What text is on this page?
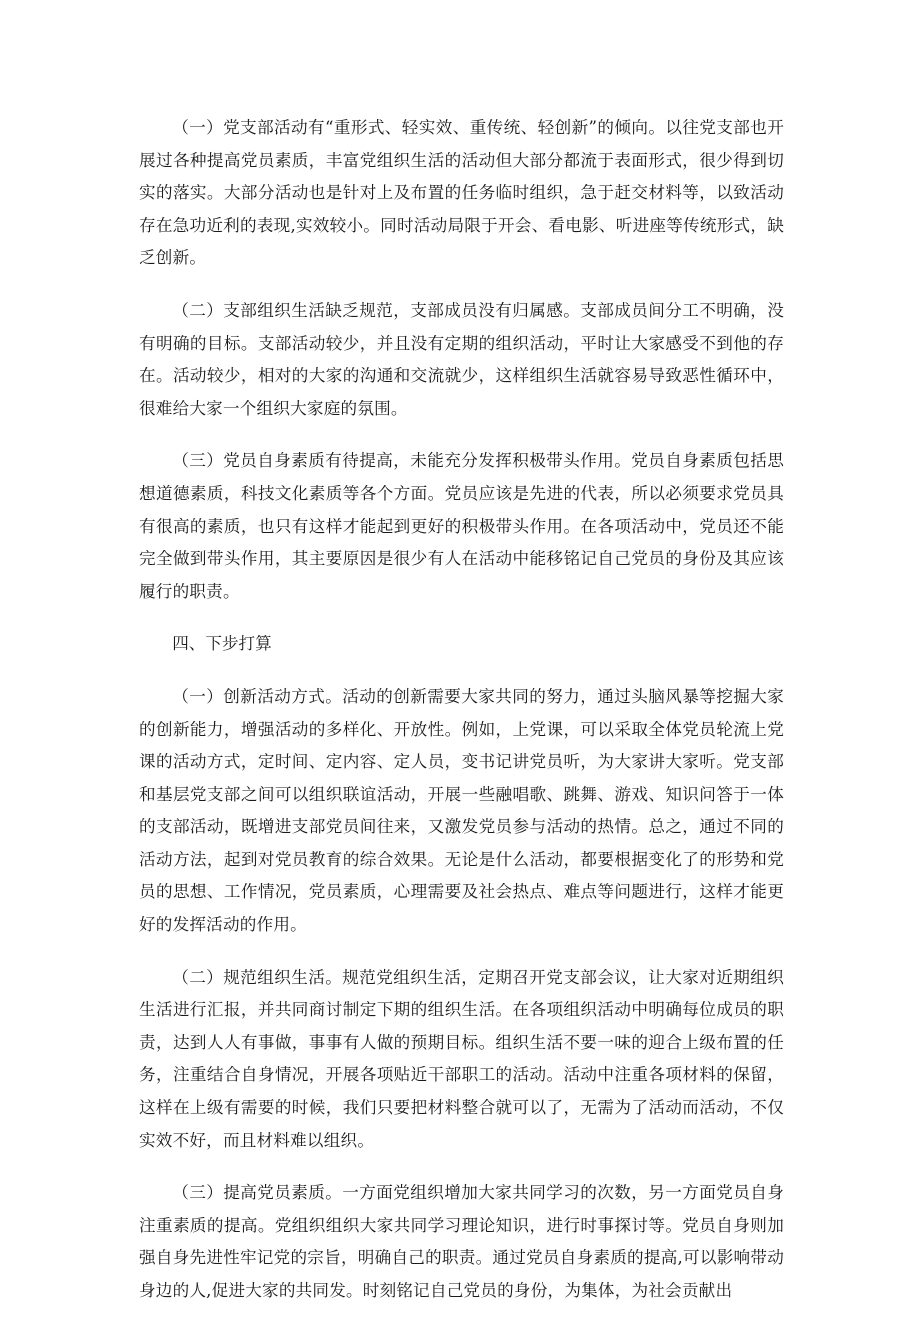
（一）党支部活动有“重形式、轻实效、重传统、轻创新”的倾向。以往党支部也开展过各种提高党员素质，丰富党组织生活的活动但大部分都流于表面形式，很少得到切实的落实。大部分活动也是针对上及布置的任务临时组织，急于赶交材料等，以致活动存在急功近利的表现,实效较小。同时活动局限于开会、看电影、听进座等传统形式，缺乏创新。

（二）支部组织生活缺乏规范，支部成员没有归属感。支部成员间分工不明确，没有明确的目标。支部活动较少，并且没有定期的组织活动，平时让大家感受不到他的存在。活动较少，相对的大家的沟通和交流就少，这样组织生活就容易导致恶性循环中，很难给大家一个组织大家庭的氛围。

（三）党员自身素质有待提高，未能充分发挥积极带头作用。党员自身素质包括思想道德素质，科技文化素质等各个方面。党员应该是先进的代表，所以必须要求党员具有很高的素质，也只有这样才能起到更好的积极带头作用。在各项活动中，党员还不能完全做到带头作用，其主要原因是很少有人在活动中能移铭记自己党员的身份及其应该履行的职责。

四、下步打算

（一）创新活动方式。活动的创新需要大家共同的努力，通过头脑风暴等挖掘大家的创新能力，增强活动的多样化、开放性。例如，上党课，可以采取全体党员轮流上党课的活动方式，定时间、定内容、定人员，变书记讲党员听，为大家讲大家听。党支部和基层党支部之间可以组织联谊活动，开展一些融唱歌、跳舞、游戏、知识问答于一体的支部活动，既增进支部党员间往来，又激发党员参与活动的热情。总之，通过不同的活动方法，起到对党员教育的综合效果。无论是什么活动，都要根据变化了的形势和党员的思想、工作情况，党员素质，心理需要及社会热点、难点等问题进行，这样才能更好的发挥活动的作用。

（二）规范组织生活。规范党组织生活，定期召开党支部会议，让大家对近期组织生活进行汇报，并共同商讨制定下期的组织生活。在各项组织活动中明确每位成员的职责，达到人人有事做，事事有人做的预期目标。组织生活不要一味的迎合上级布置的任务，注重结合自身情况，开展各项贴近干部职工的活动。活动中注重各项材料的保留，这样在上级有需要的时候，我们只要把材料整合就可以了，无需为了活动而活动，不仅实效不好，而且材料难以组织。

（三）提高党员素质。一方面党组织增加大家共同学习的次数，另一方面党员自身注重素质的提高。党组织组织大家共同学习理论知识，进行时事探讨等。党员自身则加强自身先进性牢记党的宗旨，明确自己的职责。通过党员自身素质的提高,可以影响带动身边的人,促进大家的共同发。时刻铭记自己党员的身份，为集体，为社会贡献出
